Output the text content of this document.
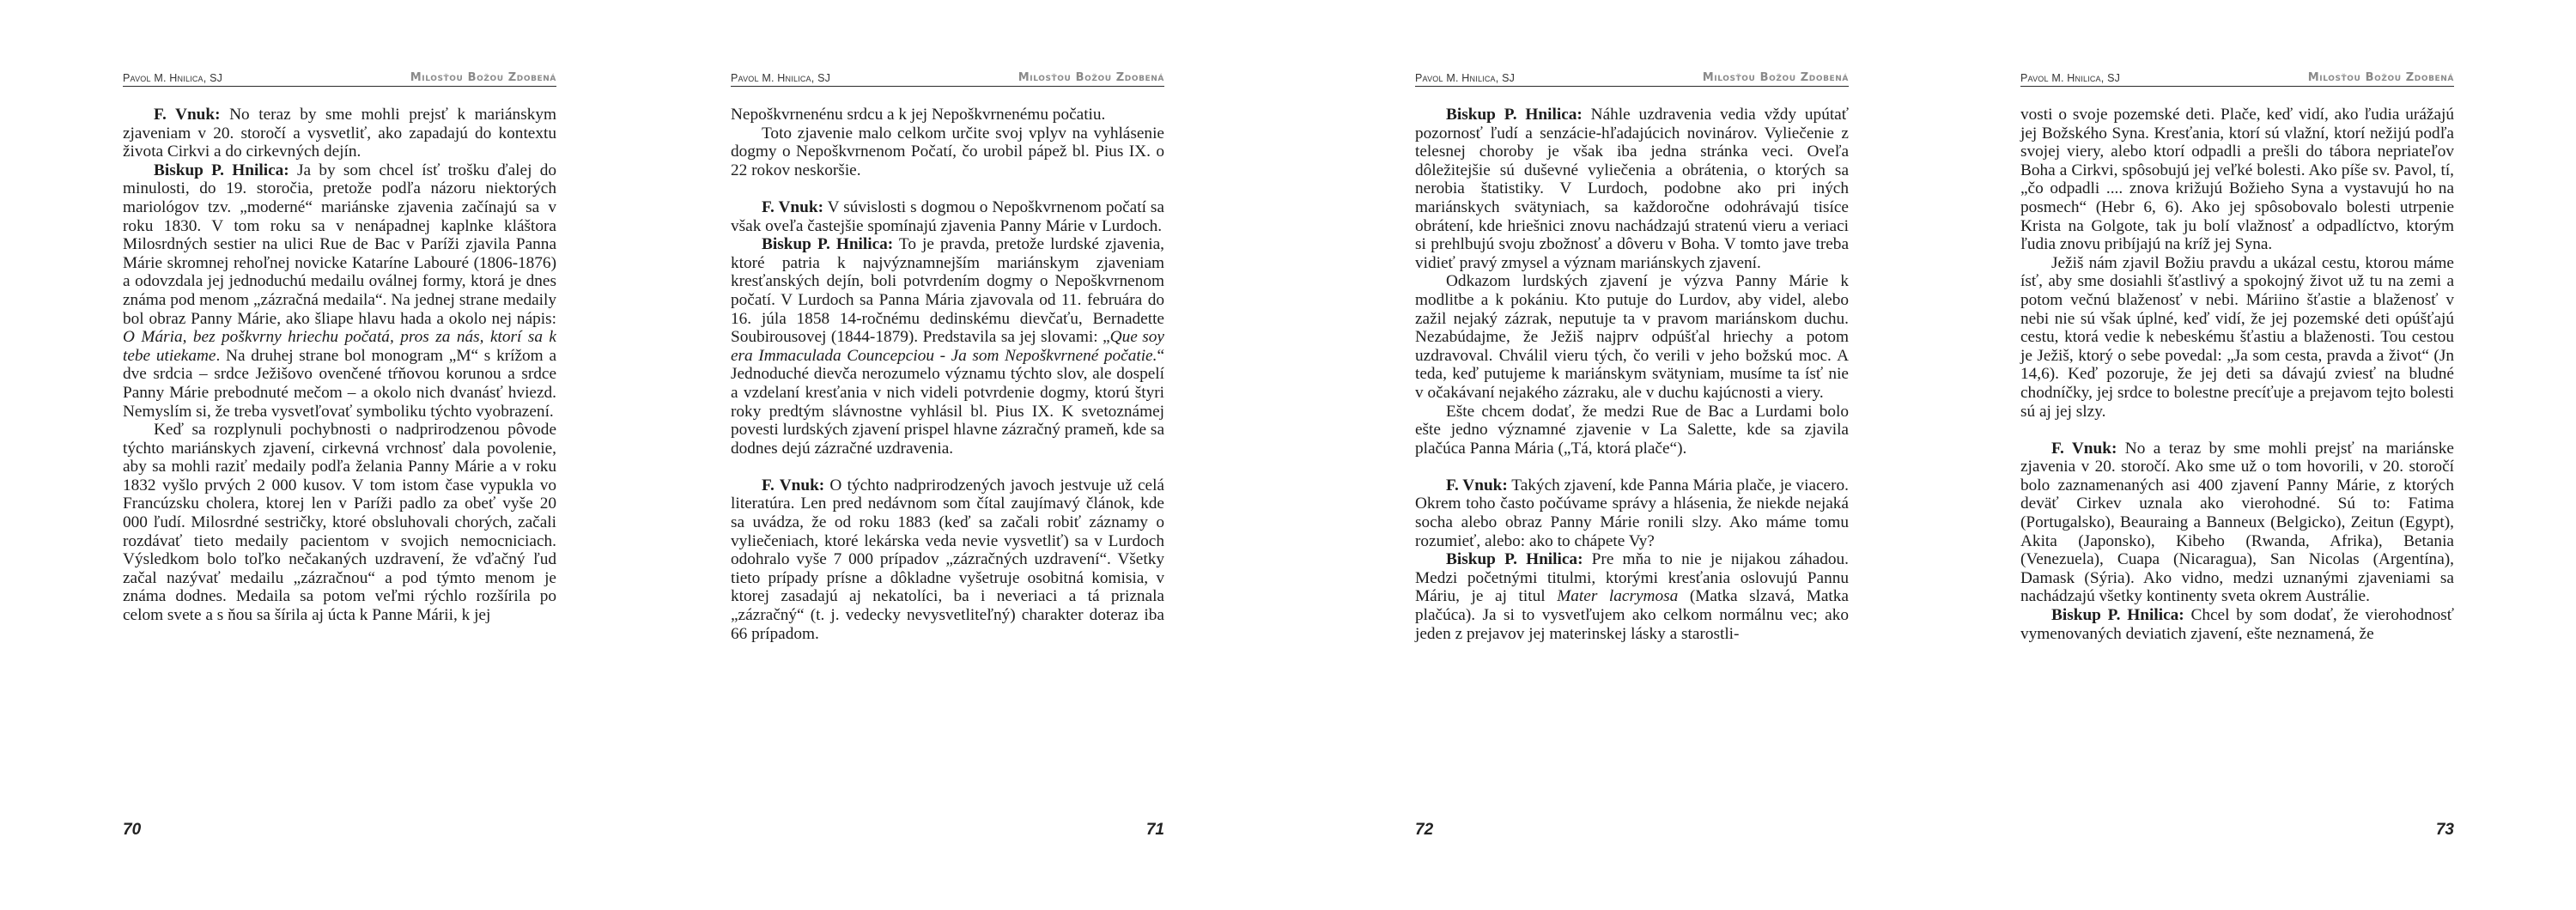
Pavol M. Hnilica, SJ	Milosťou Božou Zdobená

F. Vnuk: No teraz by sme mohli prejsť k mariánskym zjaveniam v 20. storočí a vysvetliť, ako zapadajú do kontextu života Cirkvi a do cirkevných dejín.

Biskup P. Hnilica: Ja by som chcel ísť trošku ďalej do minulosti, do 19. storočia, pretože podľa názoru niektorých mariológov tzv. „moderné“ mariánske zjavenia začínajú sa v roku 1830. V tom roku sa v nenápadnej kaplnke kláštora Milosrdných sestier na ulici Rue de Bac v Paríži zjavila Panna Márie skromnej rehoľnej novicke Kataríne Labouré (1806-1876) a odovzdala jej jednoduchú medailu oválnej formy, ktorá je dnes známa pod menom „zázračná medaila“. Na jednej strane medaily bol obraz Panny Márie, ako šliape hlavu hada a okolo nej nápis: O Mária, bez poškvrny hriechu počatá, pros za nás, ktorí sa k tebe utiekame. Na druhej strane bol monogram „M“ s krížom a dve srdcia – srdce Ježišovo ovenčené tŕňovou korunou a srdce Panny Márie prebodnuté mečom – a okolo nich dvanásť hviezd. Nemyslím si, že treba vysvetľovať symboliku týchto vyobrazení.

Keď sa rozplynuli pochybnosti o nadprirodzenou pôvode týchto mariánskych zjavení, cirkevná vrchnosť dala povolenie, aby sa mohli raziť medaily podľa želania Panny Márie a v roku 1832 vyšlo prvých 2 000 kusov. V tom istom čase vypukla vo Francúzsku cholera, ktorej len v Paríži padlo za obeť vyše 20 000 ľudí. Milosrdné sestričky, ktoré obsluhovali chorých, začali rozdávať tieto medaily pacientom v svojich nemocniciach. Výsledkom bolo toľko nečakaných uzdravení, že vďačný ľud začal nazývať medailu „zázračnou“ a pod týmto menom je známa dodnes. Medaila sa potom veľmi rýchlo rozšírila po celom svete a s ňou sa šírila aj úcta k Panne Márii, k jej

70
Pavol M. Hnilica, SJ	Milosťou Božou Zdobená

Nepoškvrnenénu srdcu a k jej Nepoškvrnenému počatiu.

Toto zjavenie malo celkom určite svoj vplyv na vyhlásenie dogmy o Nepoškvrnenom Počatí, čo urobil pápež bl. Pius IX. o 22 rokov neskoršie.

F. Vnuk: V súvislosti s dogmou o Nepoškvrnenom počatí sa však oveľa častejšie spomínajú zjavenia Panny Márie v Lurdoch.

Biskup P. Hnilica: To je pravda, pretože lurdské zjavenia, ktoré patria k najvýznamnejším mariánskym zjaveniam kresťanských dejín, boli potvrdením dogmy o Nepoškvrnenom počatí. V Lurdoch sa Panna Mária zjavovala od 11. februára do 16. júla 1858 14-ročnému dedinskému dievčaťu, Bernadette Soubirousovej (1844-1879). Predstavila sa jej slovami: „Que soy era Immaculada Councepciou - Ja som Nepoškvrnené počatie.“ Jednoduché dievča nerozumelo významu týchto slov, ale dospelí a vzdelaní kresťania v nich videli potvrdenie dogmy, ktorú štyri roky predtým slávnostne vyhlásil bl. Pius IX. K svetoznámej povesti lurdských zjavení prispel hlavne zázračný prameň, kde sa dodnes dejú zázračné uzdravenia.

F. Vnuk: O týchto nadprirodzených javoch jestvuje už celá literatúra. Len pred nedávnom som čítal zaujímavý článok, kde sa uvádza, že od roku 1883 (keď sa začali robiť záznamy o vyliečeniach, ktoré lekárska veda nevie vysvetliť) sa v Lurdoch odohralo vyše 7 000 prípadov „zázračných uzdravení“. Všetky tieto prípady prísne a dôkladne vyšetruje osobitná komisia, v ktorej zasadajú aj nekatolíci, ba i neveriaci a tá priznala „zázračný“ (t. j. vedecky nevysvetliteľný) charakter doteraz iba 66 prípadom.

71
Pavol M. Hnilica, SJ	Milosťou Božou Zdobená

Biskup P. Hnilica: Náhle uzdravenia vedia vždy upútať pozornosť ľudí a senzácie-hľadajúcich novinárov. Vyliečenie z telesnej choroby je však iba jedna stránka veci. Oveľa dôležitejšie sú duševné vyliečenia a obrátenia, o ktorých sa nerobia štatistiky. V Lurdoch, podobne ako pri iných mariánskych svätyniach, sa každoročne odohrávajú tisíce obrátení, kde hriešnici znovu nachádzajú stratenú vieru a veriaci si prehlbujú svoju zbožnosť a dôveru v Boha. V tomto jave treba vidieť pravý zmysel a význam mariánskych zjavení.

Odkazom lurdských zjavení je výzva Panny Márie k modlitbe a k pokániu. Kto putuje do Lurdov, aby videl, alebo zažil nejaký zázrak, neputuje ta v pravom mariánskom duchu. Nezabúdajme, že Ježiš najprv odpúšťal hriechy a potom uzdravoval. Chválil vieru tých, čo verili v jeho božskú moc. A teda, keď putujeme k mariánskym svätyniam, musíme ta ísť nie v očakávaní nejakého zázraku, ale v duchu kajúcnosti a viery.

Ešte chcem dodať, že medzi Rue de Bac a Lurdami bolo ešte jedno významné zjavenie v La Salette, kde sa zjavila plačúca Panna Mária („Tá, ktorá plače“).

F. Vnuk: Takých zjavení, kde Panna Mária plače, je viacero. Okrem toho často počúvame správy a hlásenia, že niekde nejaká socha alebo obraz Panny Márie ronili slzy. Ako máme tomu rozumieť, alebo: ako to chápete Vy?

Biskup P. Hnilica: Pre mňa to nie je nijakou záhadou. Medzi početnými titulmi, ktorými kresťania oslovujú Pannu Máriu, je aj titul Mater lacrymosa (Matka slzavá, Matka plačúca). Ja si to vysvetľujem ako celkom normálnu vec; ako jeden z prejavov jej materinskej lásky a starostli-

72
Pavol M. Hnilica, SJ	Milosťou Božou Zdobená

vosti o svoje pozemské deti. Plače, keď vidí, ako ľudia urážajú jej Božského Syna. Kresťania, ktorí sú vlažní, ktorí nežijú podľa svojej viery, alebo ktorí odpadli a prešli do tábora nepriateľov Boha a Cirkvi, spôsobujú jej veľké bolesti. Ako píše sv. Pavol, tí, „čo odpadli .... znova križujú Božieho Syna a vystavujú ho na posmech“ (Hebr 6, 6). Ako jej spôsobovalo bolesti utrpenie Krista na Golgote, tak ju bolí vlažnosť a odpadlíctvo, ktorým ľudia znovu pribíjajú na kríž jej Syna.

Ježiš nám zjavil Božiu pravdu a ukázal cestu, ktorou máme ísť, aby sme dosiahli šťastlivý a spokojný život už tu na zemi a potom večnú blaženosť v nebi. Máriino šťastie a blaženosť v nebi nie sú však úplné, keď vidí, že jej pozemské deti opúšťajú cestu, ktorá vedie k nebeskému šťastiu a blaženosti. Tou cestou je Ježiš, ktorý o sebe povedal: „Ja som cesta, pravda a život“ (Jn 14,6). Keď pozoruje, že jej deti sa dávajú zviesť na bludné chodníčky, jej srdce to bolestne precíťuje a prejavom tejto bolesti sú aj jej slzy.

F. Vnuk: No a teraz by sme mohli prejsť na mariánske zjavenia v 20. storočí. Ako sme už o tom hovorili, v 20. storočí bolo zaznamenaných asi 400 zjavení Panny Márie, z ktorých deväť Cirkev uznala ako vierohodné. Sú to: Fatima (Portugalsko), Beauraing a Banneux (Belgicko), Zeitun (Egypt), Akita (Japonsko), Kibeho (Rwanda, Afrika), Betania (Venezuela), Cuapa (Nicaragua), San Nicolas (Argentína), Damask (Sýria). Ako vidno, medzi uznanými zjaveniami sa nachádzajú všetky kontinenty sveta okrem Austrálie.

Biskup P. Hnilica: Chcel by som dodať, že vierohodnosť vymenovaných deviatich zjavení, ešte neznamená, že

73
